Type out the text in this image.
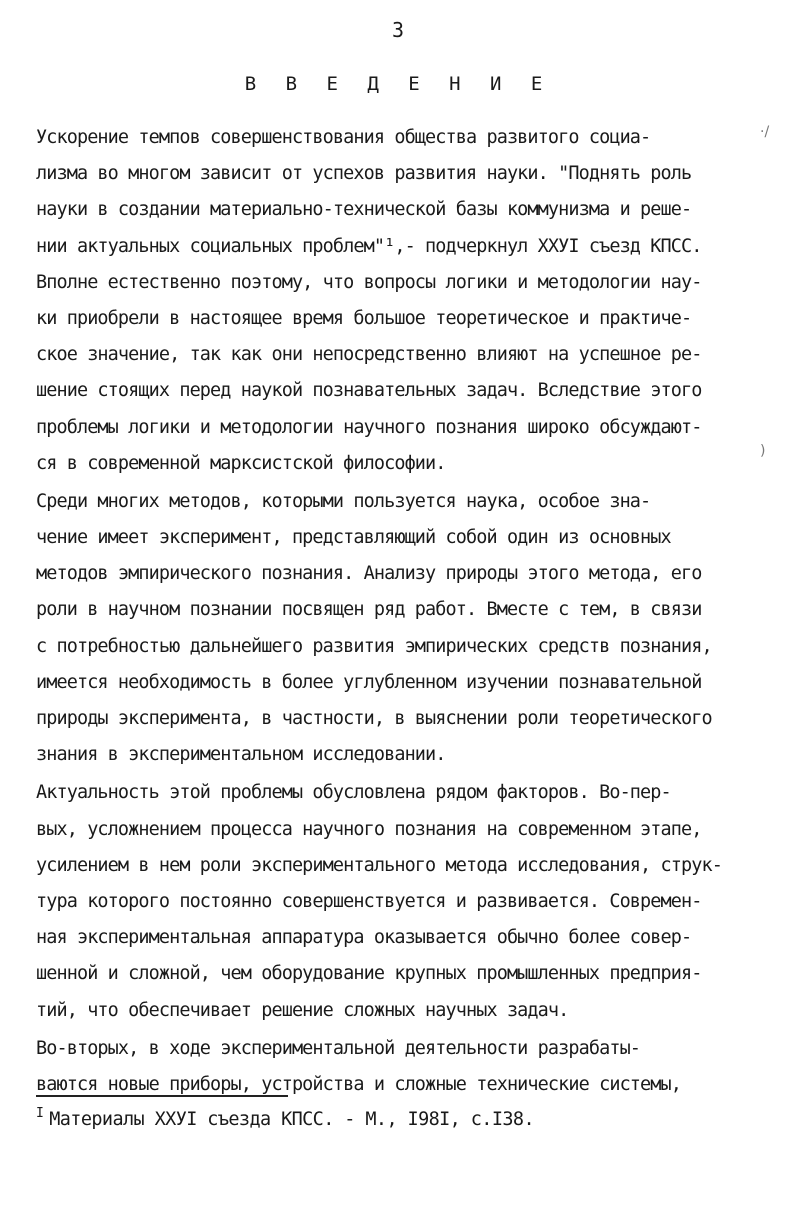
3
В В Е Д Е Н И Е
Ускорение темпов совершенствования общества развитого социа-
лизма во многом зависит от успехов развития науки. "Поднять роль
науки в создании материально-технической базы коммунизма и реше-
нии актуальных социальных проблем"¹,- подчеркнул ХХУI съезд КПСС.
Вполне естественно поэтому, что вопросы логики и методологии нау-
ки приобрели в настоящее время большое теоретическое и практиче-
ское значение, так как они непосредственно влияют на успешное ре-
шение стоящих перед наукой познавательных задач. Вследствие этого
проблемы логики и методологии научного познания широко обсуждают-
ся в современной марксистской философии.
Среди многих методов, которыми пользуется наука, особое зна-
чение имеет эксперимент, представляющий собой один из основных
методов эмпирического познания. Анализу природы этого метода, его
роли в научном познании посвящен ряд работ. Вместе с тем, в связи
с потребностью дальнейшего развития эмпирических средств познания,
имеется необходимость в более углубленном изучении познавательной
природы эксперимента, в частности, в выяснении роли теоретического
знания в экспериментальном исследовании.
Актуальность этой проблемы обусловлена рядом факторов. Во-пер-
вых, усложнением процесса научного познания на современном этапе,
усилением в нем роли экспериментального метода исследования, струк-
тура которого постоянно совершенствуется и развивается. Современ-
ная экспериментальная аппаратура оказывается обычно более совер-
шенной и сложной, чем оборудование крупных промышленных предприя-
тий, что обеспечивает решение сложных научных задач.
Во-вторых, в ходе экспериментальной деятельности разрабаты-
ваются новые приборы, устройства и сложные технические системы,
·/
)
$^I$ Материалы ХХУI съезда КПСС. - М., I98I, с.I38.
